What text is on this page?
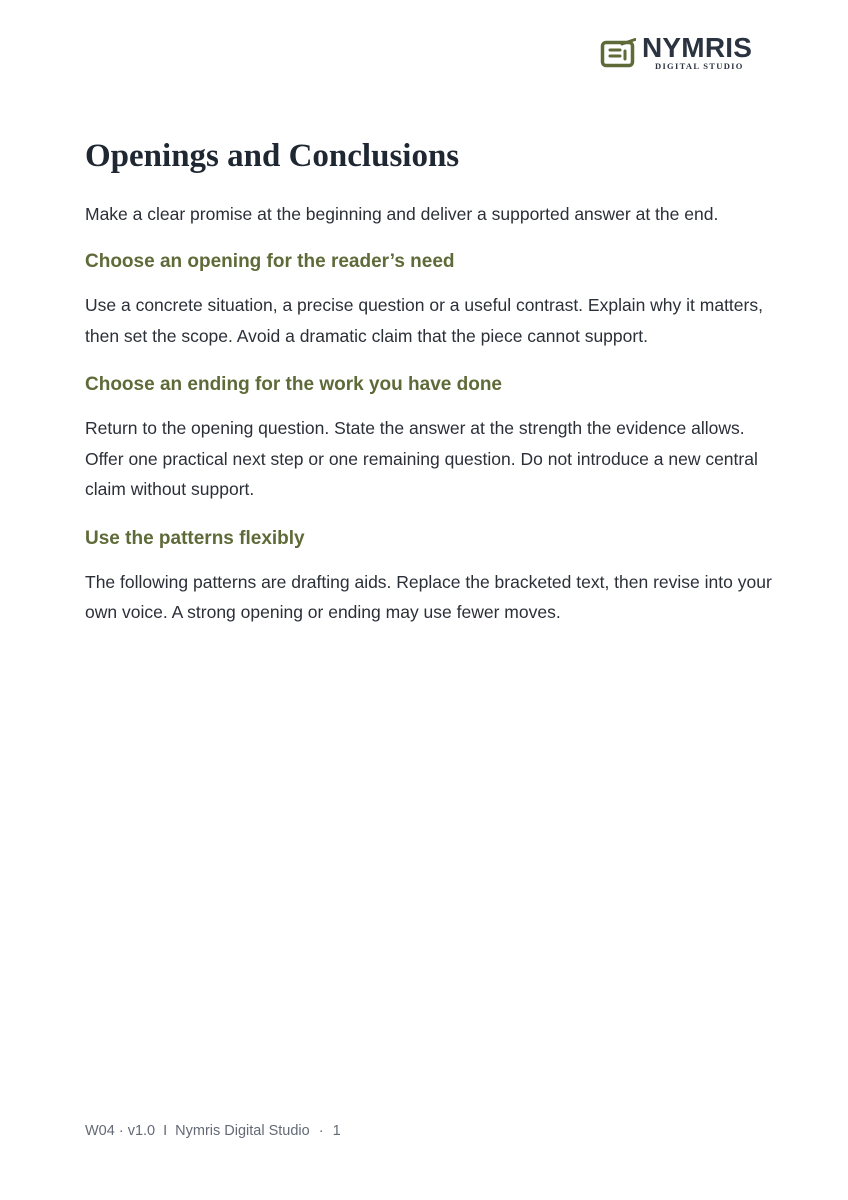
NYMRIS
DIGITAL STUDIO
Openings and Conclusions

Make a clear promise at the beginning and deliver a supported answer at the end.

Choose an opening for the reader’s need

Use a concrete situation, a precise question or a useful contrast. Explain why it matters, then set the scope. Avoid a dramatic claim that the piece cannot support.

Choose an ending for the work you have done

Return to the opening question. State the answer at the strength the evidence allows. Offer one practical next step or one remaining question. Do not introduce a new central claim without support.

Use the patterns flexibly

The following patterns are drafting aids. Replace the bracketed text, then revise into your own voice. A strong opening or ending may use fewer moves.

W04 · v1.0 I Nymris Digital Studio · 1
